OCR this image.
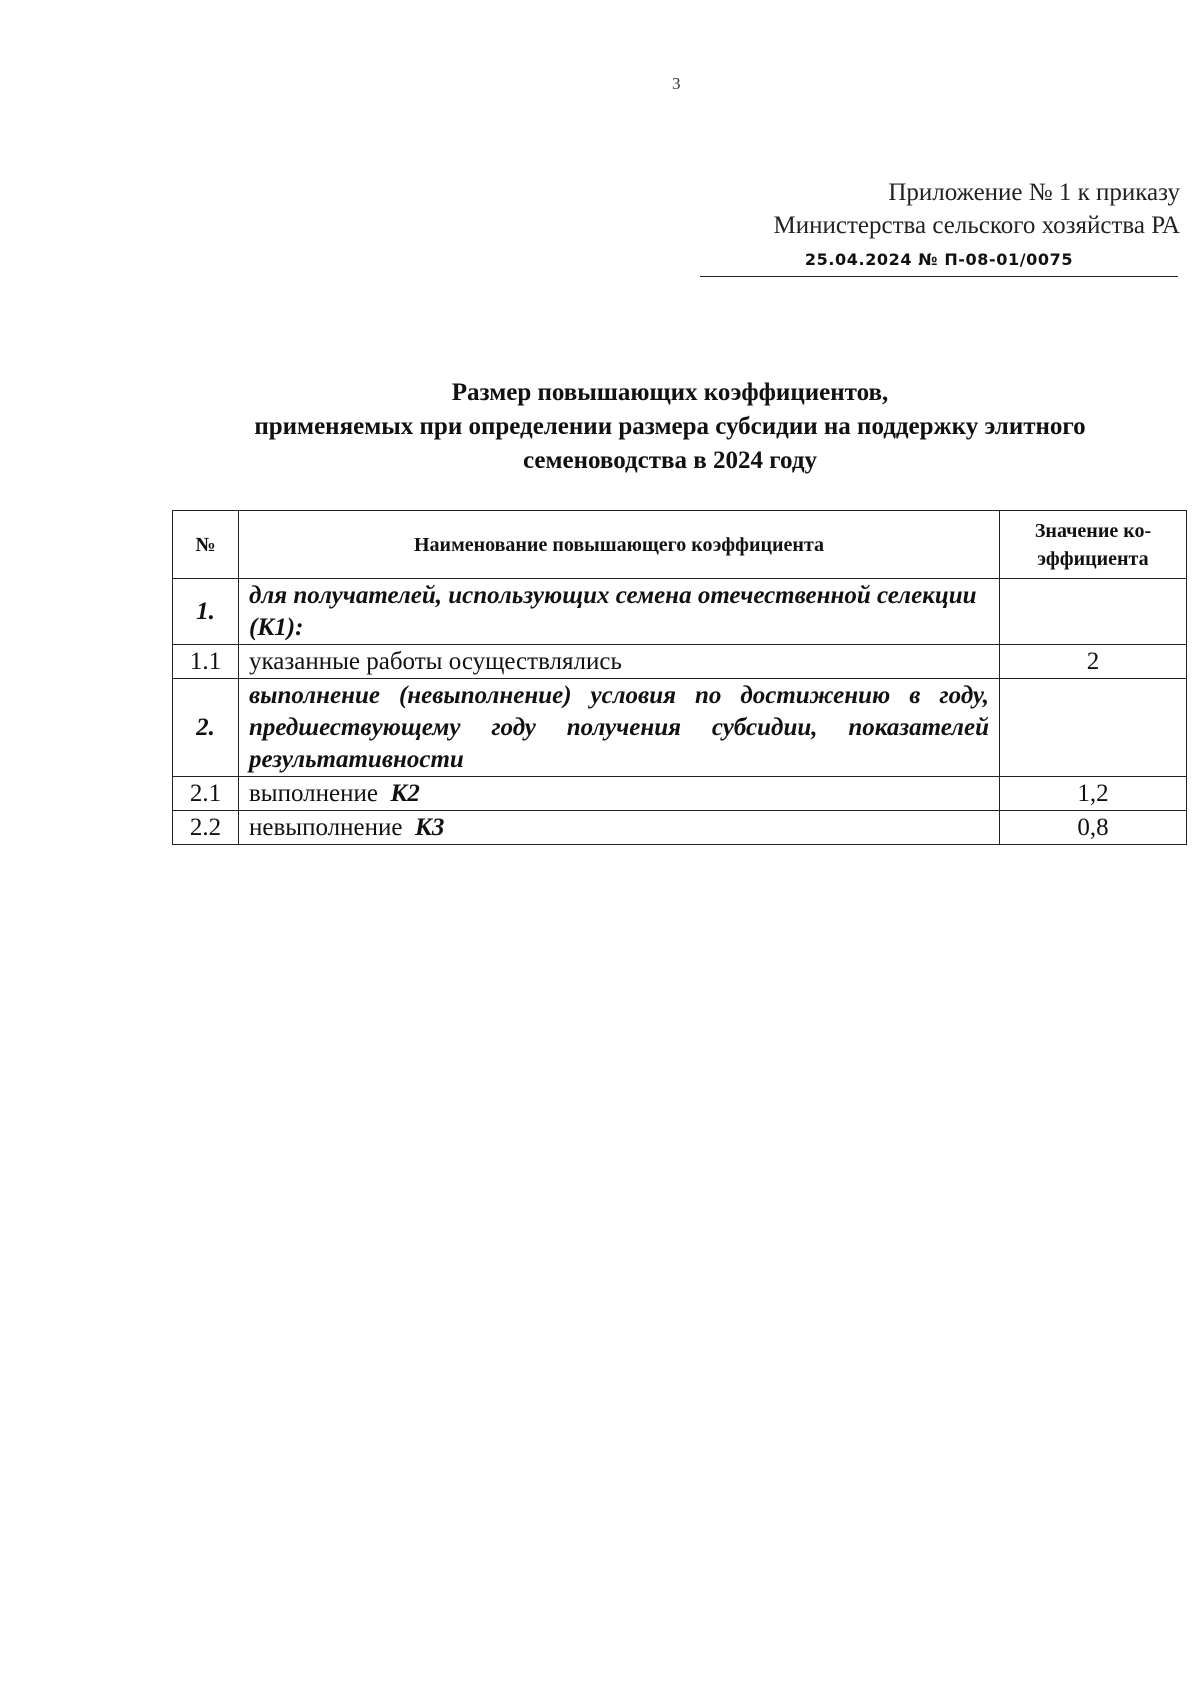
3
Приложение № 1 к приказу
Министерства сельского хозяйства РА
25.04.2024 № П-08-01/0075
Размер повышающих коэффициентов,
применяемых при определении размера субсидии на поддержку элитного
семеноводства в 2024 году
№	Наименование повышающего коэффициента	Значение ко-эффициента
1.	для получателей, использующих семена отечественной селекции (К1):	
1.1	указанные работы осуществлялись	2
2.	выполнение (невыполнение) условия по достижению в году, предшествующему году получения субсидии, показателей результативности	
2.1	выполнение К2	1,2
2.2	невыполнение К3	0,8
